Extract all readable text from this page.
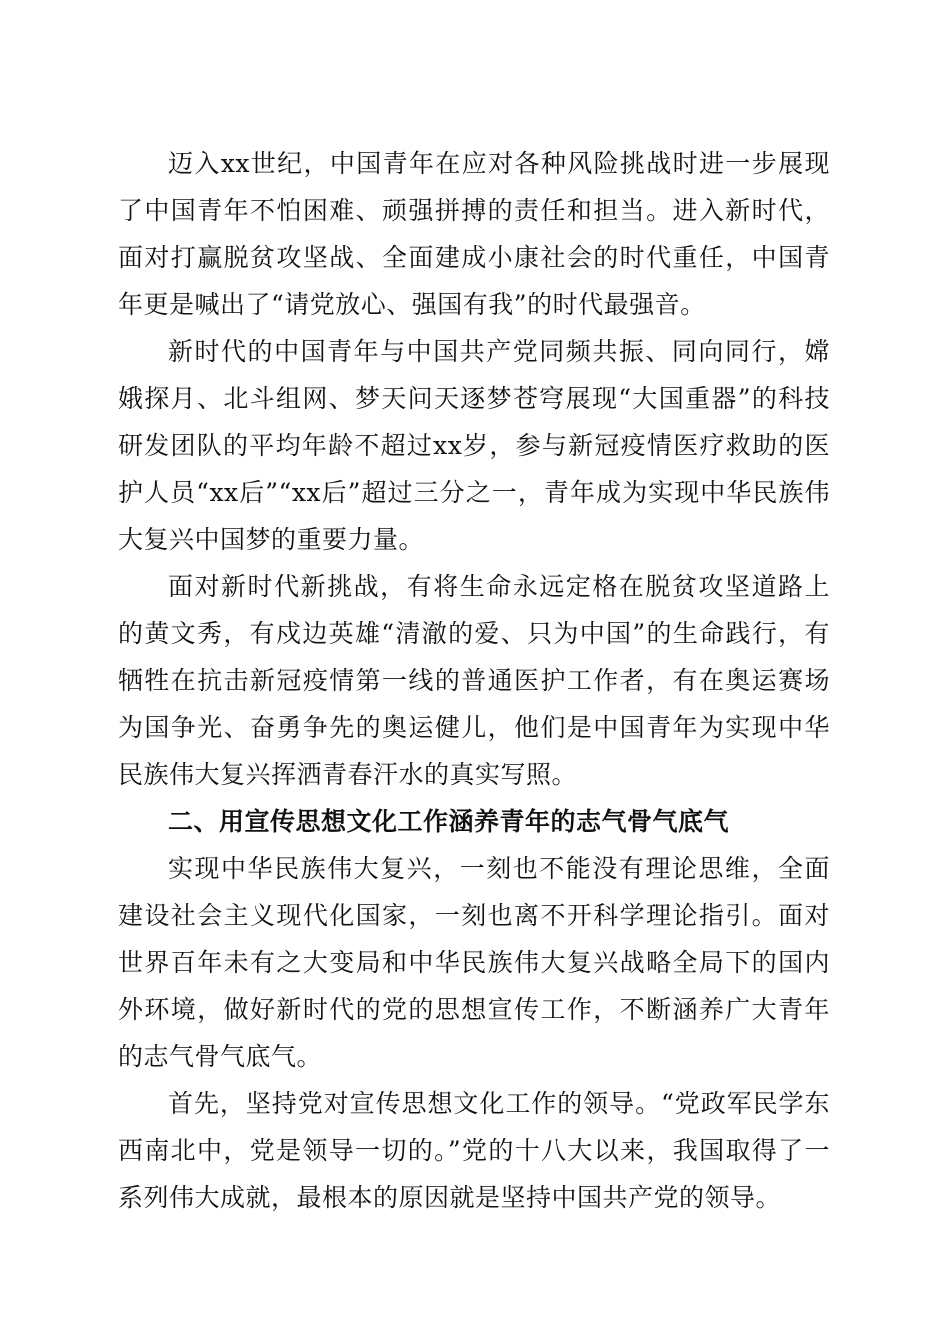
迈入xx世纪，中国青年在应对各种风险挑战时进一步展现了中国青年不怕困难、顽强拼搏的责任和担当。进入新时代，面对打赢脱贫攻坚战、全面建成小康社会的时代重任，中国青年更是喊出了“请党放心、强国有我”的时代最强音。

新时代的中国青年与中国共产党同频共振、同向同行，嫦娥探月、北斗组网、梦天问天逐梦苍穹展现“大国重器”的科技研发团队的平均年龄不超过xx岁，参与新冠疫情医疗救助的医护人员“xx后”“xx后”超过三分之一，青年成为实现中华民族伟大复兴中国梦的重要力量。

面对新时代新挑战，有将生命永远定格在脱贫攻坚道路上的黄文秀，有戍边英雄“清澈的爱、只为中国”的生命践行，有牺牲在抗击新冠疫情第一线的普通医护工作者，有在奥运赛场为国争光、奋勇争先的奥运健儿，他们是中国青年为实现中华民族伟大复兴挥洒青春汗水的真实写照。

二、用宣传思想文化工作涵养青年的志气骨气底气

实现中华民族伟大复兴，一刻也不能没有理论思维，全面建设社会主义现代化国家，一刻也离不开科学理论指引。面对世界百年未有之大变局和中华民族伟大复兴战略全局下的国内外环境，做好新时代的党的思想宣传工作，不断涵养广大青年的志气骨气底气。

首先，坚持党对宣传思想文化工作的领导。“党政军民学东西南北中，党是领导一切的。”党的十八大以来，我国取得了一系列伟大成就，最根本的原因就是坚持中国共产党的领导。
